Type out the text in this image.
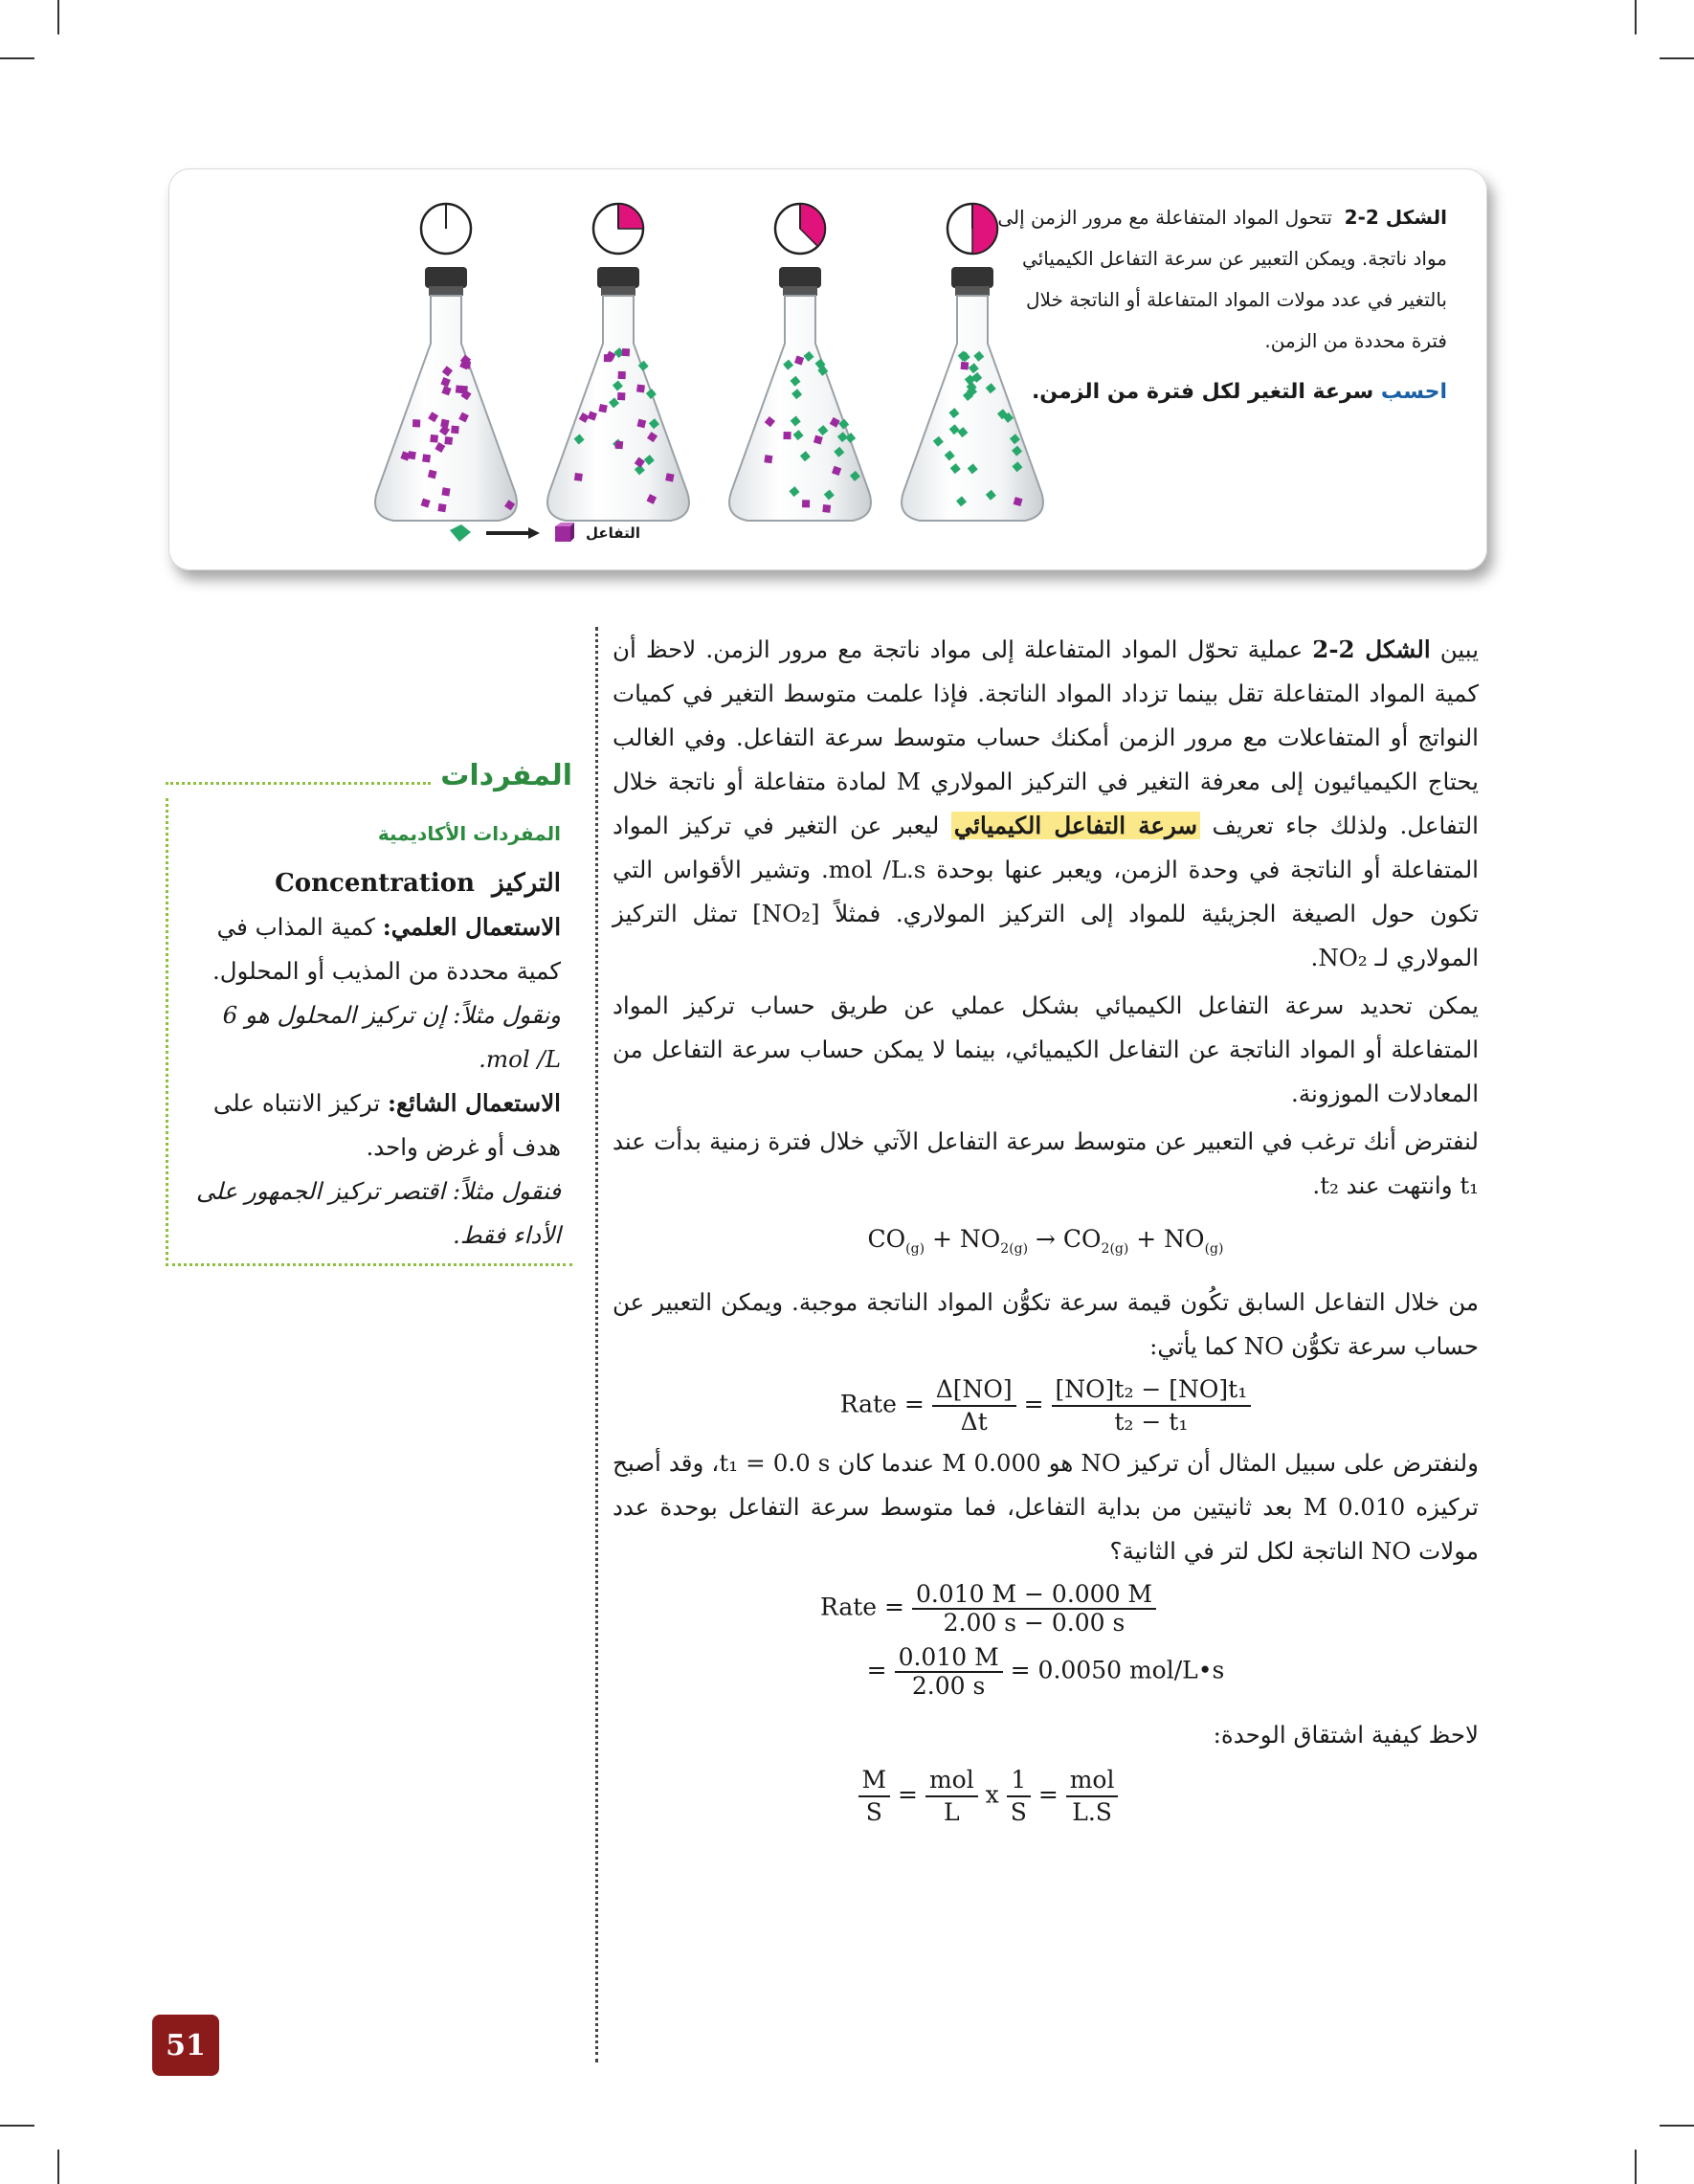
التفاعل
الشكل 2-2  تتحول المواد المتفاعلة مع مرور الزمن إلى مواد ناتجة. ويمكن التعبير عن سرعة التفاعل الكيميائي بالتغير في عدد مولات المواد المتفاعلة أو الناتجة خلال فترة محددة من الزمن.
احسب سرعة التغير لكل فترة من الزمن.

يبين الشكل 2-2 عملية تحوّل المواد المتفاعلة إلى مواد ناتجة مع مرور الزمن. لاحظ أن كمية المواد المتفاعلة تقل بينما تزداد المواد الناتجة. فإذا علمت متوسط التغير في كميات النواتج أو المتفاعلات مع مرور الزمن أمكنك حساب متوسط سرعة التفاعل. وفي الغالب يحتاج الكيميائيون إلى معرفة التغير في التركيز المولاري M لمادة متفاعلة أو ناتجة خلال التفاعل. ولذلك جاء تعريف سرعة التفاعل الكيميائي ليعبر عن التغير في تركيز المواد المتفاعلة أو الناتجة في وحدة الزمن، ويعبر عنها بوحدة mol /L.s. وتشير الأقواس التي تكون حول الصيغة الجزيئية للمواد إلى التركيز المولاري. فمثلاً [NO₂] تمثل التركيز المولاري لـ NO₂.

يمكن تحديد سرعة التفاعل الكيميائي بشكل عملي عن طريق حساب تركيز المواد المتفاعلة أو المواد الناتجة عن التفاعل الكيميائي، بينما لا يمكن حساب سرعة التفاعل من المعادلات الموزونة.

لنفترض أنك ترغب في التعبير عن متوسط سرعة التفاعل الآتي خلال فترة زمنية بدأت عند t₁ وانتهت عند t₂.

$CO_{(g)} + NO_{2(g)} \to CO_{2(g)} + NO_{(g)}$

من خلال التفاعل السابق تكُون قيمة سرعة تكوُّن المواد الناتجة موجبة. ويمكن التعبير عن حساب سرعة تكوُّن NO كما يأتي:

Rate = $\frac{\Delta[NO]}{\Delta t} = \frac{\text{[NO]t₂ − [NO]t₁}}{\text{t₂ − t₁}}$

ولنفترض على سبيل المثال أن تركيز NO هو 0.000 M عندما كان t₁ = 0.0 s، وقد أصبح تركيزه 0.010 M بعد ثانيتين من بداية التفاعل، فما متوسط سرعة التفاعل بوحدة عدد مولات NO الناتجة لكل لتر في الثانية؟

Rate = $\frac{0.010 M - 0.000 M}{2.00 s - 0.00 s}$
= $\frac{0.010 M}{2.00 s} = 0.0050$ mol/L•s

لاحظ كيفية اشتقاق الوحدة:

$\frac{M}{S} = \frac{\text{mol}}{L}$ x $\frac{1}{S} = \frac{\text{mol}}{L.S}$
المفردات
المفردات الأكاديمية
التركيز  Concentration
الاستعمال العلمي: كمية المذاب في كمية محددة من المذيب أو المحلول.
ونقول مثلاً: إن تركيز المحلول هو 6 mol /L.
الاستعمال الشائع: تركيز الانتباه على هدف أو غرض واحد.
فنقول مثلاً: اقتصر تركيز الجمهور على الأداء فقط.
51
